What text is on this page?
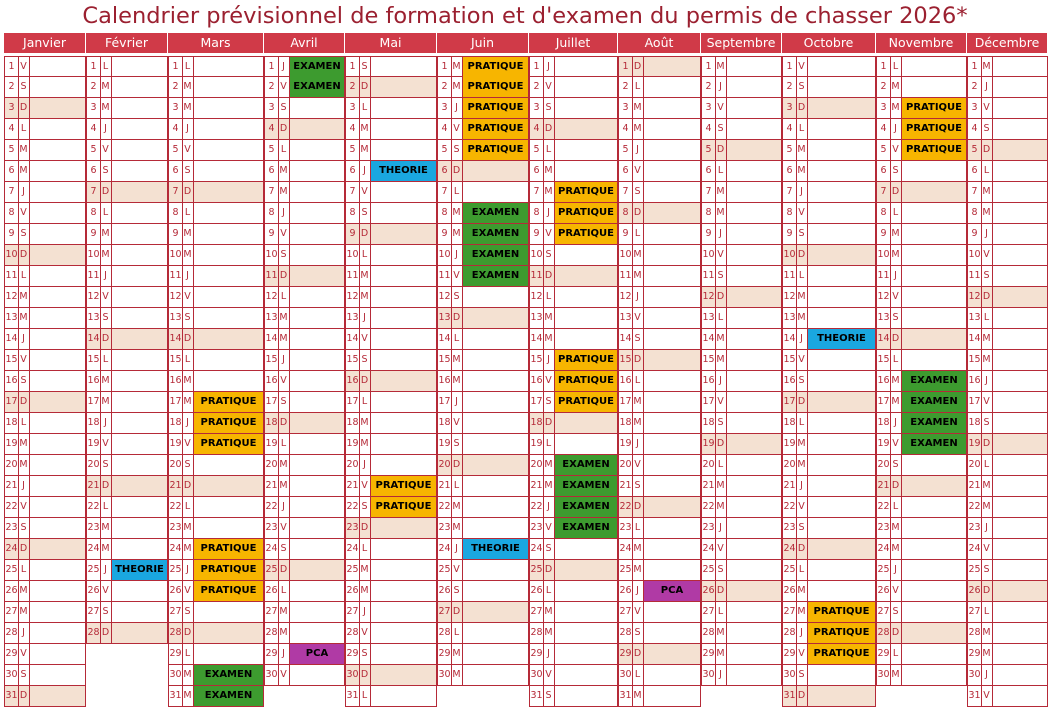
Calendrier prévisionnel de formation et d'examen du permis de chasser 2026*
Janvier
1 V
2 S
3 D
4 L
5 M
6 M
7 J
8 V
9 S
10 D
11 L
12 M
13 M
14 J
15 V
16 S
17 D
18 L
19 M
20 M
21 J
22 V
23 S
24 D
25 L
26 M
27 M
28 J
29 V
30 S
31 D
Février
1 L
2 M
3 M
4 J
5 V
6 S
7 D
8 L
9 M
10 M
11 J
12 V
13 S
14 D
15 L
16 M
17 M
18 J
19 V
20 S
21 D
22 L
23 M
24 M
25 J THEORIE
26 V
27 S
28 D
Mars
1 L
2 M
3 M
4 J
5 V
6 S
7 D
8 L
9 M
10 M
11 J
12 V
13 S
14 D
15 L
16 M
17 M PRATIQUE
18 J	PRATIQUE
19 V PRATIQUE
20 S
21 D
22 L
23 M
24 M PRATIQUE
25 J	PRATIQUE
26 V PRATIQUE
27 S
28 D
29 L
30 M	EXAMEN
31 M	EXAMEN
Avril
1 J EXAMEN
2 V EXAMEN
3 S
4 D
5 L
6 M
7 M
8 J
9 V
10 S
11 D
12 L
13 M
14 M
15 J
16 V
17 S
18 D
19 L
20 M
21 M
22 J
23 V
24 S
25 D
26 L
27 M
28 M
29 J	PCA
30 V
Mai
1 S
2 D
3 L
4 M
5 M
6 J	THEORIE
7 V
8 S
9 D
10 L
11 M
12 M
13 J
14 V
15 S
16 D
17 L
18 M
19 M
20 J
21 V PRATIQUE
22 S PRATIQUE
23 D
24 L
25 M
26 M
27 J
28 V
29 S
30 D
31 L
Juin
1 M PRATIQUE
2 M PRATIQUE
3 J PRATIQUE
4 V PRATIQUE
5 S PRATIQUE
6 D
7 L
8 M	EXAMEN
9 M	EXAMEN
10 J	EXAMEN
11 V	EXAMEN
12 S
13 D
14 L
15 M
16 M
17 J
18 V
19 S
20 D
21 L
22 M
23 M
24 J	THEORIE
25 V
26 S
27 D
28 L
29 M
30 M
Juillet
1 J
2 V
3 S
4 D
5 L
6 M
7 M PRATIQUE
8 J PRATIQUE
9 V PRATIQUE
10 S
11 D
12 L
13 M
14 M
15 J PRATIQUE
16 V PRATIQUE
17 S PRATIQUE
18 D
19 L
20 M EXAMEN
21 M EXAMEN
22 J	EXAMEN
23 V	EXAMEN
24 S
25 D
26 L
27 M
28 M
29 J
30 V
31 S
Août
1 D
2 L
3 M
4 M
5 J
6 V
7 S
8 D
9 L
10 M
11 M
12 J
13 V
14 S
15 D
16 L
17 M
18 M
19 J
20 V
21 S
22 D
23 L
24 M
25 M
26 J	PCA
27 V
28 S
29 D
30 L
31 M
Septembre
1 M
2 J
3 V
4 S
5 D
6 L
7 M
8 M
9 J
10 V
11 S
12 D
13 L
14 M
15 M
16 J
17 V
18 S
19 D
20 L
21 M
22 M
23 J
24 V
25 S
26 D
27 L
28 M
29 M
30 J
Octobre
1 V
2 S
3 D
4 L
5 M
6 M
7 J
8 V
9 S
10 D
11 L
12 M
13 M
14 J	THEORIE
15 V
16 S
17 D
18 L
19 M
20 M
21 J
22 V
23 S
24 D
25 L
26 M
27 M PRATIQUE
28 J	PRATIQUE
29 V PRATIQUE
30 S
31 D
Novembre
1 L
2 M
3 M PRATIQUE
4 J PRATIQUE
5 V PRATIQUE
6 S
7 D
8 L
9 M
10 M
11 J
12 V
13 S
14 D
15 L
16 M	EXAMEN
17 M	EXAMEN
18 J	EXAMEN
19 V	EXAMEN
20 S
21 D
22 L
23 M
24 M
25 J
26 V
27 S
28 D
29 L
30 M
Décembre
1 M
2 J
3 V
4 S
5 D
6 L
7 M
8 M
9 J
10 V
11 S
12 D
13 L
14 M
15 M
16 J
17 V
18 S
19 D
20 L
21 M
22 M
23 J
24 V
25 S
26 D
27 L
28 M
29 M
30 J
31 V
